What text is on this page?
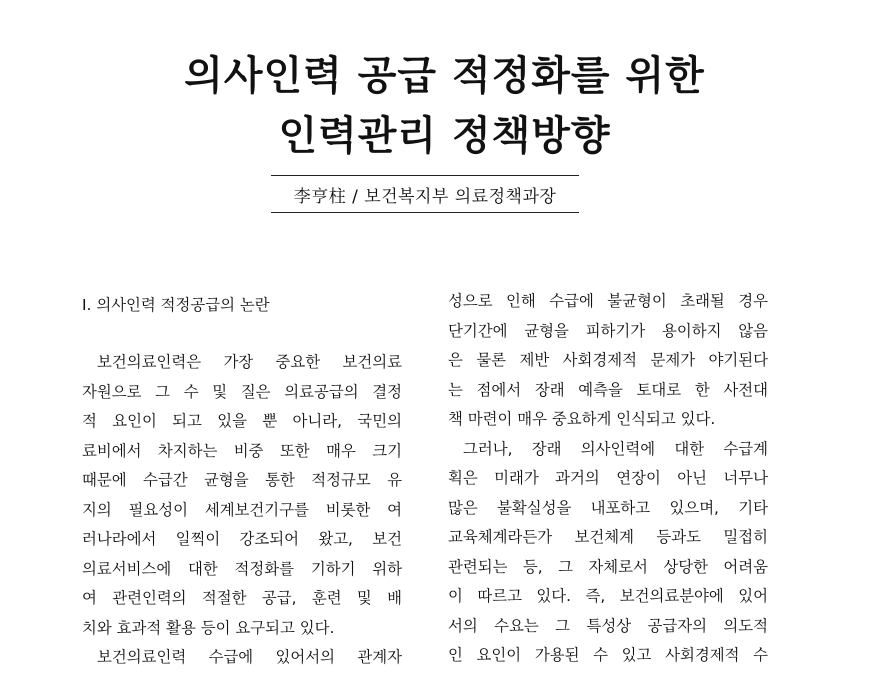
의사인력 공급 적정화를 위한
인력관리 정책방향
李亨柱 / 보건복지부 의료정책과장
Ⅰ. 의사인력 적정공급의 논란
보건의료인력은 가장 중요한 보건의료
자원으로 그 수 및 질은 의료공급의 결정
적 요인이 되고 있을 뿐 아니라, 국민의
료비에서 차지하는 비중 또한 매우 크기
때문에 수급간 균형을 통한 적정규모 유
지의 필요성이 세계보건기구를 비롯한 여
러나라에서 일찍이 강조되어 왔고, 보건
의료서비스에 대한 적정화를 기하기 위하
여 관련인력의 적절한 공급, 훈련 및 배
치와 효과적 활용 등이 요구되고 있다.
보건의료인력 수급에 있어서의 관계자
성으로 인해 수급에 불균형이 초래될 경우
단기간에 균형을 피하기가 용이하지 않음
은 물론 제반 사회경제적 문제가 야기된다
는 점에서 장래 예측을 토대로 한 사전대
책 마련이 매우 중요하게 인식되고 있다.
그러나, 장래 의사인력에 대한 수급계
획은 미래가 과거의 연장이 아닌 너무나
많은 불확실성을 내포하고 있으며, 기타
교육체계라든가 보건체계 등과도 밀접히
관련되는 등, 그 자체로서 상당한 어려움
이 따르고 있다. 즉, 보건의료분야에 있어
서의 수요는 그 특성상 공급자의 의도적
인 요인이 가용된 수 있고 사회경제적 수
